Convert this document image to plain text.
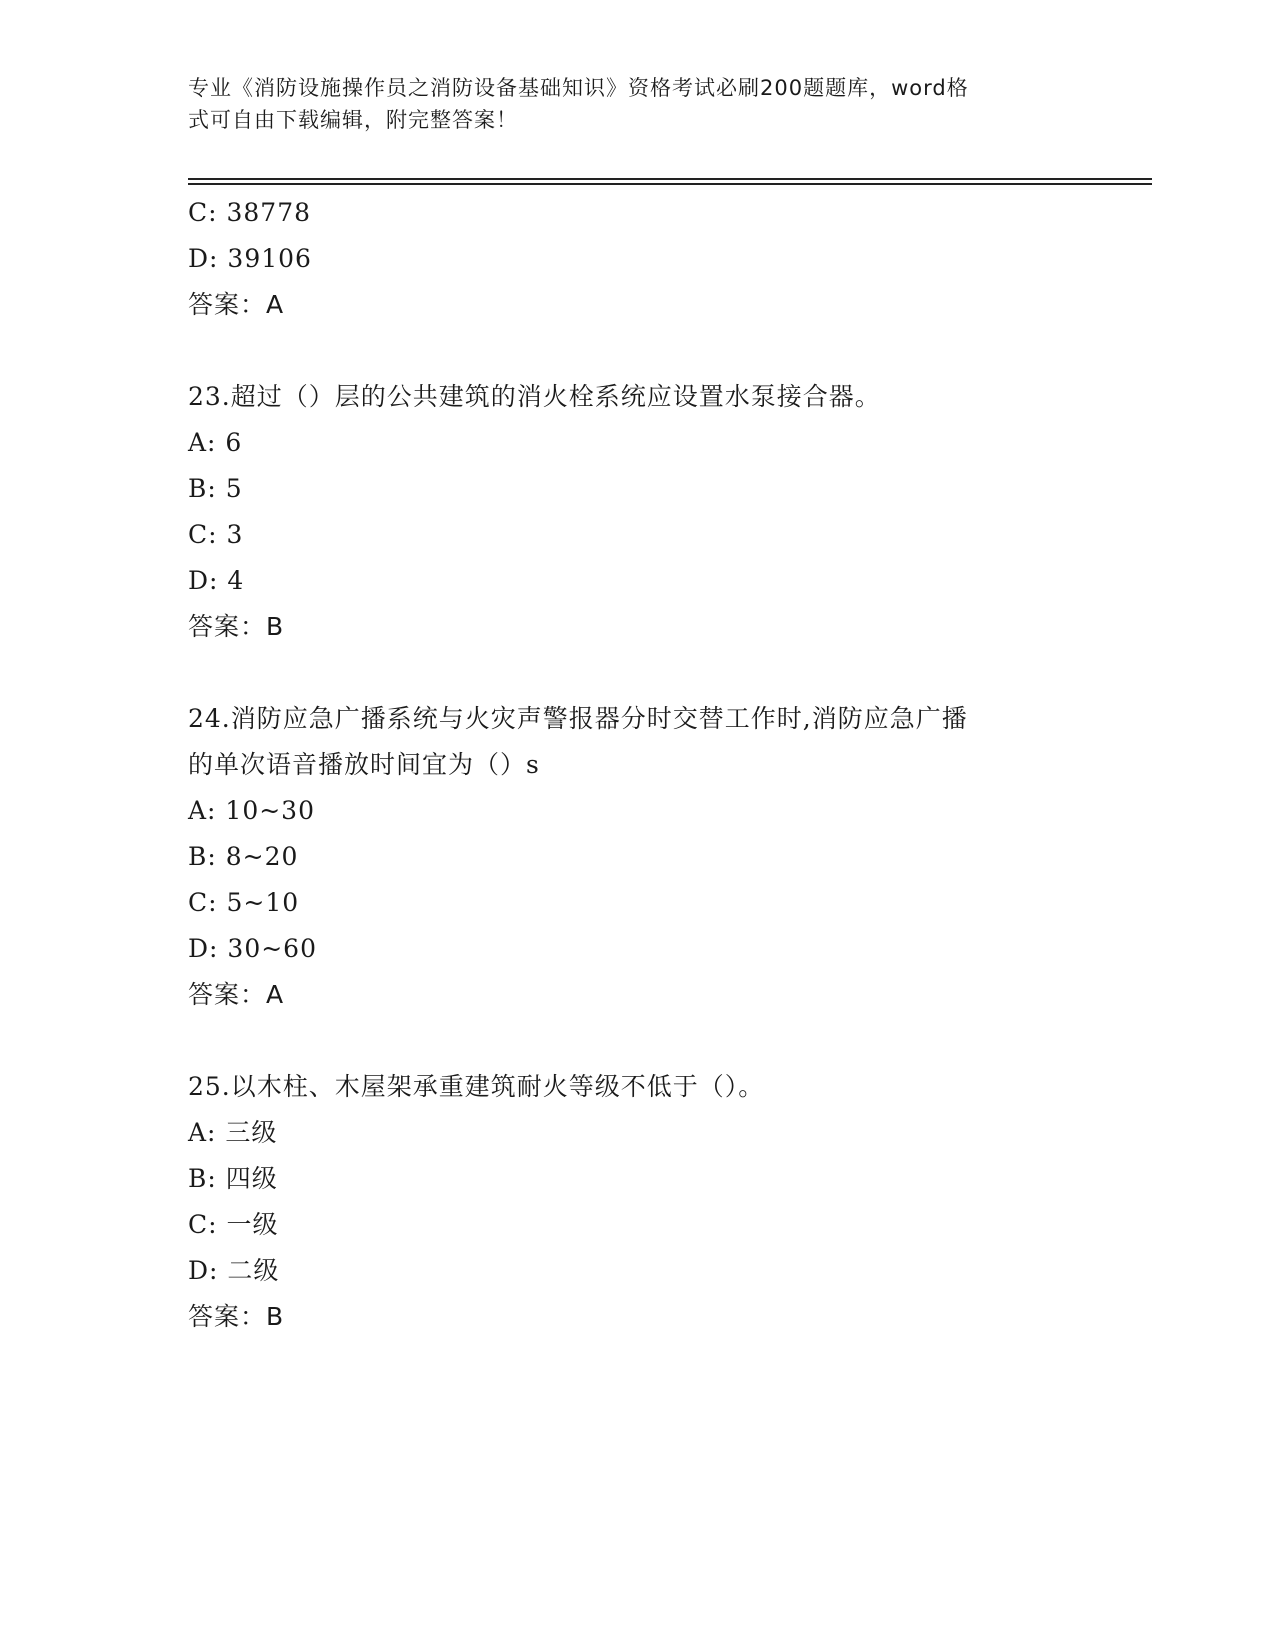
专业《消防设施操作员之消防设备基础知识》资格考试必刷200题题库，word格
式可自由下载编辑，附完整答案！
C: 38778
D: 39106
答案：A
23.超过（）层的公共建筑的消火栓系统应设置水泵接合器。
A: 6
B: 5
C: 3
D: 4
答案：B
24.消防应急广播系统与火灾声警报器分时交替工作时,消防应急广播
的单次语音播放时间宜为（）s
A: 10~30
B: 8~20
C: 5~10
D: 30~60
答案：A
25.以木柱、木屋架承重建筑耐火等级不低于（）。
A: 三级
B: 四级
C: 一级
D: 二级
答案：B
